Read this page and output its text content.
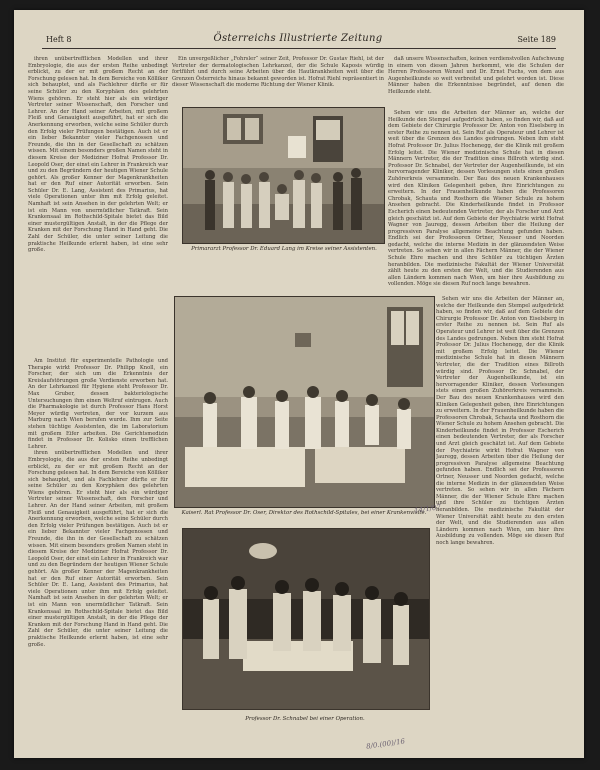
Heft 8	Österreichs Illustrierte Zeitung	Seite 189

ihren unübertrefflichen Modellen und ihrer Embryologie, die aus der ersten Reihe unbedingt erblickt, zu der er mit großem Recht an der Forschung gelesen hat. In dem Bereiche von Kölliker sich behauptet, und als Fachlehrer dürfte er für seine Schüler zu den Koryphäen des gelehrten Wiens gehören. Er steht hier als ein würdiger Vertreter seiner Wissenschaft, den Forscher und Lehrer. An der Hand seiner Arbeiten, mit großem Fleiß und Genauigkeit ausgeführt, hat er sich die Anerkennung erworben, welche seine Schüler durch den Erfolg vieler Prüfungen bestätigen. Auch ist er ein lieber Bekannter vieler Fachgenossen und Freunde, die ihn in der Gesellschaft zu schätzen wissen. Mit einem besonders großen Namen steht in diesem Kreise der Mediziner Hofrat Professor Dr. Leopold Oser, der einst ein Lehrer in Frankreich war und zu den Begründern der heutigen Wiener Schule gehört. Als großer Kenner der Magenkrankheiten hat er den Ruf einer Autorität erworben. Sein Schüler Dr. E. Lang, Assistent des Primarius, hat viele Operationen unter ihm mit Erfolg geleitet. Namhaft ist sein Ansehen in der gelehrten Welt; er ist ein Mann von unermüdlicher Tatkraft. Sein Krankensaal im Rothschild-Spitale bietet das Bild einer mustergültigen Anstalt, in der die Pflege der Kranken mit der Forschung Hand in Hand geht. Die Zahl der Schüler, die unter seiner Leitung die praktische Heilkunde erlernt haben, ist eine sehr große.

Ein unvergeßlicher „Fohrsler“ seiner Zeit, Professor Dr. Gustav Riehl, ist der Vertreter der dermatologischen Lehrkanzel, der die Schule Kaposis würdig fortführt und durch seine Arbeiten über die Hautkrankheiten weit über die Grenzen Österreichs hinaus bekannt geworden ist. Hofrat Riehl repräsentiert in dieser Wissenschaft die moderne Richtung der Wiener Klinik.

daß unsere Wissenschaften, keinen verdienstvollen Aufschwung in einem von diesen Jahren herkommt, wie die Schulen der Herren Professoren Wenzel und Dr. Ernst Fuchs, von dem aus Augenheilkunde so weit verbreitet und gelehrt worden ist. Diese Männer haben die Erkenntnisse begründet, auf denen die Heilkunde steht.

Primararzt Professor Dr. Eduard Lang im Kreise seiner Assistenten.

Sehen wir uns die Arbeiten der Männer an, welche der Heilkunde den Stempel aufgedrückt haben, so finden wir, daß auf dem Gebiete der Chirurgie Professor Dr. Anton von Eiselsberg in erster Reihe zu nennen ist. Sein Ruf als Operateur und Lehrer ist weit über die Grenzen des Landes gedrungen. Neben ihm steht Hofrat Professor Dr. Julius Hochenegg, der die Klinik mit großem Erfolg leitet. Die Wiener medizinische Schule hat in diesen Männern Vertreter, die der Tradition eines Billroth würdig sind. Professor Dr. Schnabel, der Vertreter der Augenheilkunde, ist ein hervorragender Kliniker, dessen Vorlesungen stets einen großen Zuhörerkreis versammeln. Der Bau des neuen Krankenhauses wird den Kliniken Gelegenheit geben, ihre Einrichtungen zu erweitern. In der Frauenheilkunde haben die Professoren Chrobak, Schauta und Rosthorn die Wiener Schule zu hohem Ansehen gebracht. Die Kinderheilkunde findet in Professor Escherich einen bedeutenden Vertreter, der als Forscher und Arzt gleich geschätzt ist. Auf dem Gebiete der Psychiatrie wirkt Hofrat Wagner von Jauregg, dessen Arbeiten über die Heilung der progressiven Paralyse allgemeine Beachtung gefunden haben. Endlich sei der Professoren Ortner, Neusser und Noorden gedacht, welche die interne Medizin in der glänzendsten Weise vertreten. So sehen wir in allen Fächern Männer, die der Wiener Schule Ehre machen und ihre Schüler zu tüchtigen Ärzten heranbilden. Die medizinische Fakultät der Wiener Universität zählt heute zu den ersten der Welt, und die Studierenden aus allen Ländern kommen nach Wien, um hier ihre Ausbildung zu vollenden. Möge sie diesen Ruf noch lange bewahren.

Kaiserl. Rat Professor Dr. Oser, Direktor des Rothschild-Spitales, bei einer Krankenvisite.
14/1/07
8/0.(00)/16

Sehen wir uns die Arbeiten der Männer an, welche der Heilkunde den Stempel aufgedrückt haben, so finden wir, daß auf dem Gebiete der Chirurgie Professor Dr. Anton von Eiselsberg in erster Reihe zu nennen ist. Sein Ruf als Operateur und Lehrer ist weit über die Grenzen des Landes gedrungen. Neben ihm steht Hofrat Professor Dr. Julius Hochenegg, der die Klinik mit großem Erfolg leitet. Die Wiener medizinische Schule hat in diesen Männern Vertreter, die der Tradition eines Billroth würdig sind. Professor Dr. Schnabel, der Vertreter der Augenheilkunde, ist ein hervorragender Kliniker, dessen Vorlesungen stets einen großen Zuhörerkreis versammeln. Der Bau des neuen Krankenhauses wird den Kliniken Gelegenheit geben, ihre Einrichtungen zu erweitern. In der Frauenheilkunde haben die Professoren Chrobak, Schauta und Rosthorn die Wiener Schule zu hohem Ansehen gebracht. Die Kinderheilkunde findet in Professor Escherich einen bedeutenden Vertreter, der als Forscher und Arzt gleich geschätzt ist. Auf dem Gebiete der Psychiatrie wirkt Hofrat Wagner von Jauregg, dessen Arbeiten über die Heilung der progressiven Paralyse allgemeine Beachtung gefunden haben. Endlich sei der Professoren Ortner, Neusser und Noorden gedacht, welche die interne Medizin in der glänzendsten Weise vertreten. So sehen wir in allen Fächern Männer, die der Wiener Schule Ehre machen und ihre Schüler zu tüchtigen Ärzten heranbilden. Die medizinische Fakultät der Wiener Universität zählt heute zu den ersten der Welt, und die Studierenden aus allen Ländern kommen nach Wien, um hier ihre Ausbildung zu vollenden. Möge sie diesen Ruf noch lange bewahren.

Am Institut für experimentelle Pathologie und Therapie wirkt Professor Dr. Philipp Knoll, ein Forscher, der sich um die Erkenntnis der Kreislaufstörungen große Verdienste erworben hat. An der Lehrkanzel für Hygiene steht Professor Dr. Max Gruber, dessen bakteriologische Untersuchungen ihm einen Weltruf eintrugen. Auch die Pharmakologie ist durch Professor Hans Horst Meyer würdig vertreten, der vor kurzem aus Marburg nach Wien berufen wurde. Ihm zur Seite stehen tüchtige Assistenten, die im Laboratorium mit großem Eifer arbeiten. Die Gerichtsmedizin findet in Professor Dr. Kolisko einen trefflichen Lehrer.

ihren unübertrefflichen Modellen und ihrer Embryologie, die aus der ersten Reihe unbedingt erblickt, zu der er mit großem Recht an der Forschung gelesen hat. In dem Bereiche von Kölliker sich behauptet, und als Fachlehrer dürfte er für seine Schüler zu den Koryphäen des gelehrten Wiens gehören. Er steht hier als ein würdiger Vertreter seiner Wissenschaft, den Forscher und Lehrer. An der Hand seiner Arbeiten, mit großem Fleiß und Genauigkeit ausgeführt, hat er sich die Anerkennung erworben, welche seine Schüler durch den Erfolg vieler Prüfungen bestätigen. Auch ist er ein lieber Bekannter vieler Fachgenossen und Freunde, die ihn in der Gesellschaft zu schätzen wissen. Mit einem besonders großen Namen steht in diesem Kreise der Mediziner Hofrat Professor Dr. Leopold Oser, der einst ein Lehrer in Frankreich war und zu den Begründern der heutigen Wiener Schule gehört. Als großer Kenner der Magenkrankheiten hat er den Ruf einer Autorität erworben. Sein Schüler Dr. E. Lang, Assistent des Primarius, hat viele Operationen unter ihm mit Erfolg geleitet. Namhaft ist sein Ansehen in der gelehrten Welt; er ist ein Mann von unermüdlicher Tatkraft. Sein Krankensaal im Rothschild-Spitale bietet das Bild einer mustergültigen Anstalt, in der die Pflege der Kranken mit der Forschung Hand in Hand geht. Die Zahl der Schüler, die unter seiner Leitung die praktische Heilkunde erlernt haben, ist eine sehr große.

Professor Dr. Schnabel bei einer Operation.
